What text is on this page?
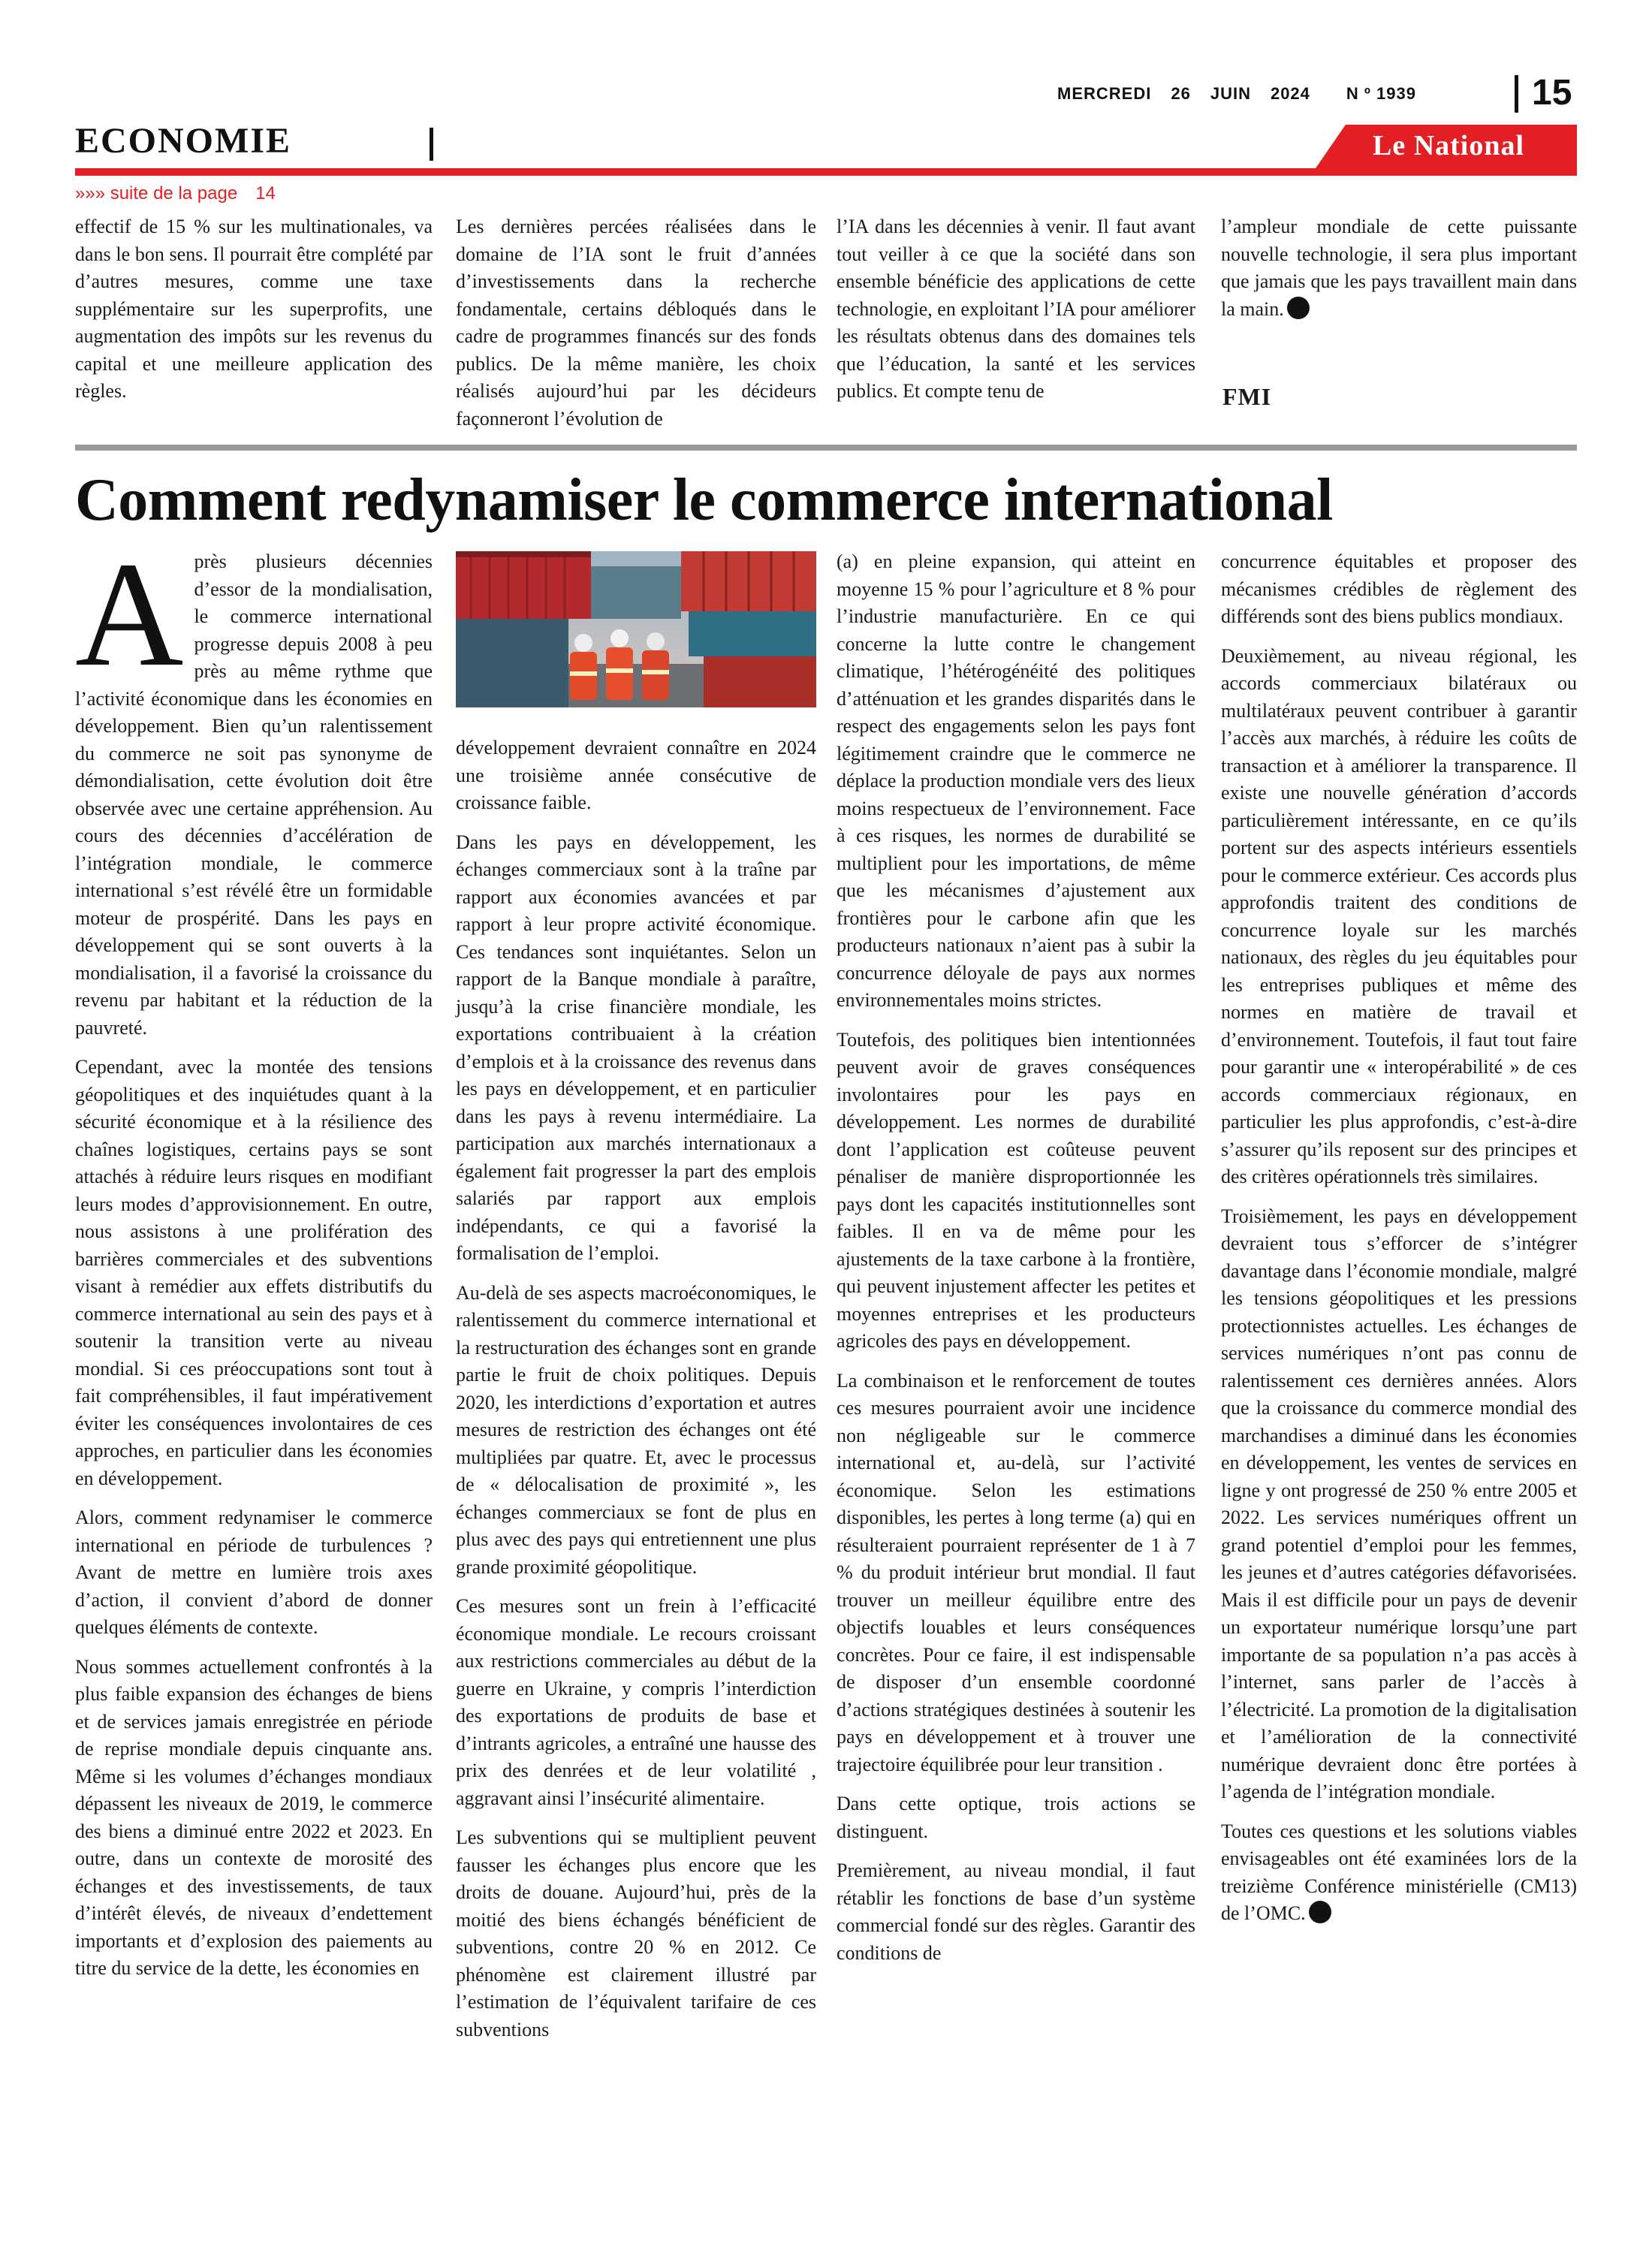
MERCREDI 26 JUIN 2024 N º 1939	15
ECONOMIE	Le National
»»» suite de la page 14

effectif de 15 % sur les multinationales, va dans le bon sens. Il pourrait être complété par d’autres mesures, comme une taxe supplémentaire sur les superprofits, une augmentation des impôts sur les revenus du capital et une meilleure application des règles.

Les dernières percées réalisées dans le domaine de l’IA sont le fruit d’années d’investissements dans la recherche fondamentale, certains débloqués dans le cadre de programmes financés sur des fonds publics. De la même manière, les choix réalisés aujourd’hui par les décideurs façonneront l’évolution de

l’IA dans les décennies à venir. Il faut avant tout veiller à ce que la société dans son ensemble bénéficie des applications de cette technologie, en exploitant l’IA pour améliorer les résultats obtenus dans des domaines tels que l’éducation, la santé et les services publics. Et compte tenu de

l’ampleur mondiale de cette puissante nouvelle technologie, il sera plus important que jamais que les pays travaillent main dans la main.

FMI
Comment redynamiser le commerce international

Après plusieurs décennies d’essor de la mondialisation, le commerce international progresse depuis 2008 à peu près au même rythme que l’activité économique dans les économies en développement. Bien qu’un ralentissement du commerce ne soit pas synonyme de démondialisation, cette évolution doit être observée avec une certaine appréhension. Au cours des décennies d’accélération de l’intégration mondiale, le commerce international s’est révélé être un formidable moteur de prospérité. Dans les pays en développement qui se sont ouverts à la mondialisation, il a favorisé la croissance du revenu par habitant et la réduction de la pauvreté.

Cependant, avec la montée des tensions géopolitiques et des inquiétudes quant à la sécurité économique et à la résilience des chaînes logistiques, certains pays se sont attachés à réduire leurs risques en modifiant leurs modes d’approvisionnement. En outre, nous assistons à une prolifération des barrières commerciales et des subventions visant à remédier aux effets distributifs du commerce international au sein des pays et à soutenir la transition verte au niveau mondial. Si ces préoccupations sont tout à fait compréhensibles, il faut impérativement éviter les conséquences involontaires de ces approches, en particulier dans les économies en développement.

Alors, comment redynamiser le commerce international en période de turbulences ? Avant de mettre en lumière trois axes d’action, il convient d’abord de donner quelques éléments de contexte.

Nous sommes actuellement confrontés à la plus faible expansion des échanges de biens et de services jamais enregistrée en période de reprise mondiale depuis cinquante ans. Même si les volumes d’échanges mondiaux dépassent les niveaux de 2019, le commerce des biens a diminué entre 2022 et 2023. En outre, dans un contexte de morosité des échanges et des investissements, de taux d’intérêt élevés, de niveaux d’endettement importants et d’explosion des paiements au titre du service de la dette, les économies en

développement devraient connaître en 2024 une troisième année consécutive de croissance faible.

Dans les pays en développement, les échanges commerciaux sont à la traîne par rapport aux économies avancées et par rapport à leur propre activité économique. Ces tendances sont inquiétantes. Selon un rapport de la Banque mondiale à paraître, jusqu’à la crise financière mondiale, les exportations contribuaient à la création d’emplois et à la croissance des revenus dans les pays en développement, et en particulier dans les pays à revenu intermédiaire. La participation aux marchés internationaux a également fait progresser la part des emplois salariés par rapport aux emplois indépendants, ce qui a favorisé la formalisation de l’emploi.

Au-delà de ses aspects macroéconomiques, le ralentissement du commerce international et la restructuration des échanges sont en grande partie le fruit de choix politiques. Depuis 2020, les interdictions d’exportation et autres mesures de restriction des échanges ont été multipliées par quatre. Et, avec le processus de « délocalisation de proximité », les échanges commerciaux se font de plus en plus avec des pays qui entretiennent une plus grande proximité géopolitique.

Ces mesures sont un frein à l’efficacité économique mondiale. Le recours croissant aux restrictions commerciales au début de la guerre en Ukraine, y compris l’interdiction des exportations de produits de base et d’intrants agricoles, a entraîné une hausse des prix des denrées et de leur volatilité , aggravant ainsi l’insécurité alimentaire.

Les subventions qui se multiplient peuvent fausser les échanges plus encore que les droits de douane. Aujourd’hui, près de la moitié des biens échangés bénéficient de subventions, contre 20 % en 2012. Ce phénomène est clairement illustré par l’estimation de l’équivalent tarifaire de ces subventions

(a) en pleine expansion, qui atteint en moyenne 15 % pour l’agriculture et 8 % pour l’industrie manufacturière. En ce qui concerne la lutte contre le changement climatique, l’hétérogénéité des politiques d’atténuation et les grandes disparités dans le respect des engagements selon les pays font légitimement craindre que le commerce ne déplace la production mondiale vers des lieux moins respectueux de l’environnement. Face à ces risques, les normes de durabilité se multiplient pour les importations, de même que les mécanismes d’ajustement aux frontières pour le carbone afin que les producteurs nationaux n’aient pas à subir la concurrence déloyale de pays aux normes environnementales moins strictes.

Toutefois, des politiques bien intentionnées peuvent avoir de graves conséquences involontaires pour les pays en développement. Les normes de durabilité dont l’application est coûteuse peuvent pénaliser de manière disproportionnée les pays dont les capacités institutionnelles sont faibles. Il en va de même pour les ajustements de la taxe carbone à la frontière, qui peuvent injustement affecter les petites et moyennes entreprises et les producteurs agricoles des pays en développement.

La combinaison et le renforcement de toutes ces mesures pourraient avoir une incidence non négligeable sur le commerce international et, au-delà, sur l’activité économique. Selon les estimations disponibles, les pertes à long terme (a) qui en résulteraient pourraient représenter de 1 à 7 % du produit intérieur brut mondial. Il faut trouver un meilleur équilibre entre des objectifs louables et leurs conséquences concrètes. Pour ce faire, il est indispensable de disposer d’un ensemble coordonné d’actions stratégiques destinées à soutenir les pays en développement et à trouver une trajectoire équilibrée pour leur transition .

Dans cette optique, trois actions se distinguent.

Premièrement, au niveau mondial, il faut rétablir les fonctions de base d’un système commercial fondé sur des règles. Garantir des conditions de

concurrence équitables et proposer des mécanismes crédibles de règlement des différends sont des biens publics mondiaux.

Deuxièmement, au niveau régional, les accords commerciaux bilatéraux ou multilatéraux peuvent contribuer à garantir l’accès aux marchés, à réduire les coûts de transaction et à améliorer la transparence. Il existe une nouvelle génération d’accords particulièrement intéressante, en ce qu’ils portent sur des aspects intérieurs essentiels pour le commerce extérieur. Ces accords plus approfondis traitent des conditions de concurrence loyale sur les marchés nationaux, des règles du jeu équitables pour les entreprises publiques et même des normes en matière de travail et d’environnement. Toutefois, il faut tout faire pour garantir une « interopérabilité » de ces accords commerciaux régionaux, en particulier les plus approfondis, c’est-à-dire s’assurer qu’ils reposent sur des principes et des critères opérationnels très similaires.

Troisièmement, les pays en développement devraient tous s’efforcer de s’intégrer davantage dans l’économie mondiale, malgré les tensions géopolitiques et les pressions protectionnistes actuelles. Les échanges de services numériques n’ont pas connu de ralentissement ces dernières années. Alors que la croissance du commerce mondial des marchandises a diminué dans les économies en développement, les ventes de services en ligne y ont progressé de 250 % entre 2005 et 2022. Les services numériques offrent un grand potentiel d’emploi pour les femmes, les jeunes et d’autres catégories défavorisées. Mais il est difficile pour un pays de devenir un exportateur numérique lorsqu’une part importante de sa population n’a pas accès à l’internet, sans parler de l’accès à l’électricité. La promotion de la digitalisation et l’amélioration de la connectivité numérique devraient donc être portées à l’agenda de l’intégration mondiale.

Toutes ces questions et les solutions viables envisageables ont été examinées lors de la treizième Conférence ministérielle (CM13) de l’OMC.
